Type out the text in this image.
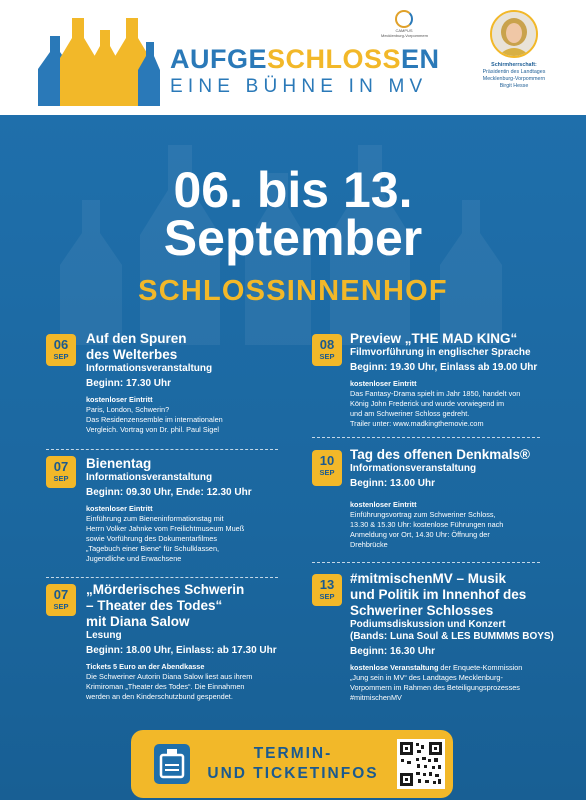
AUFGESCHLOSSEN
EINE BÜHNE IN MV
CAMPUS
Mecklenburg-Vorpommern
Schirmherrschaft:
Präsidentin des Landtages
Mecklenburg-Vorpommern
Birgit Hesse
06. bis 13.
September
SCHLOSSINNENHOF
06
SEP
Auf den Spuren
des Welterbes
Informationsveranstaltung
Beginn: 17.30 Uhr
kostenloser Eintritt
Paris, London, Schwerin?
Das Residenzensemble im internationalen
Vergleich. Vortrag von Dr. phil. Paul Sigel
07
SEP
Bienentag
Informationsveranstaltung
Beginn: 09.30 Uhr, Ende: 12.30 Uhr
kostenloser Eintritt
Einführung zum Bieneninformationstag mit
Herrn Volker Jahnke vom Freilichtmuseum Mueß
sowie Vorführung des Dokumentarfilmes
„Tagebuch einer Biene“ für Schulklassen,
Jugendliche und Erwachsene
07
SEP
„Mörderisches Schwerin
– Theater des Todes“
mit Diana Salow
Lesung
Beginn: 18.00 Uhr, Einlass: ab 17.30 Uhr
Tickets 5 Euro an der Abendkasse
Die Schweriner Autorin Diana Salow liest aus ihrem
Krimiroman „Theater des Todes“. Die Einnahmen
werden an den Kinderschutzbund gespendet.
08
SEP
Preview „THE MAD KING“
Filmvorführung in englischer Sprache
Beginn: 19.30 Uhr, Einlass ab 19.00 Uhr
kostenloser Eintritt
Das Fantasy-Drama spielt im Jahr 1850, handelt von
König John Frederick und wurde vorwiegend im
und am Schweriner Schloss gedreht.
Trailer unter: www.madkingthemovie.com
10
SEP
Tag des offenen Denkmals®
Informationsveranstaltung
Beginn: 13.00 Uhr
kostenloser Eintritt
Einführungsvortrag zum Schweriner Schloss,
13.30 & 15.30 Uhr: kostenlose Führungen nach
Anmeldung vor Ort, 14.30 Uhr: Öffnung der
Drehbrücke
13
SEP
#mitmischenMV – Musik
und Politik im Innenhof des
Schweriner Schlosses
Podiumsdiskussion und Konzert
(Bands: Luna Soul & LES BUMMMS BOYS)
Beginn: 16.30 Uhr
kostenlose Veranstaltung der Enquete-Kommission
„Jung sein in MV“ des Landtages Mecklenburg-
Vorpommern im Rahmen des Beteiligungsprozesses
#mitmischenMV
TERMIN-
UND TICKETINFOS
